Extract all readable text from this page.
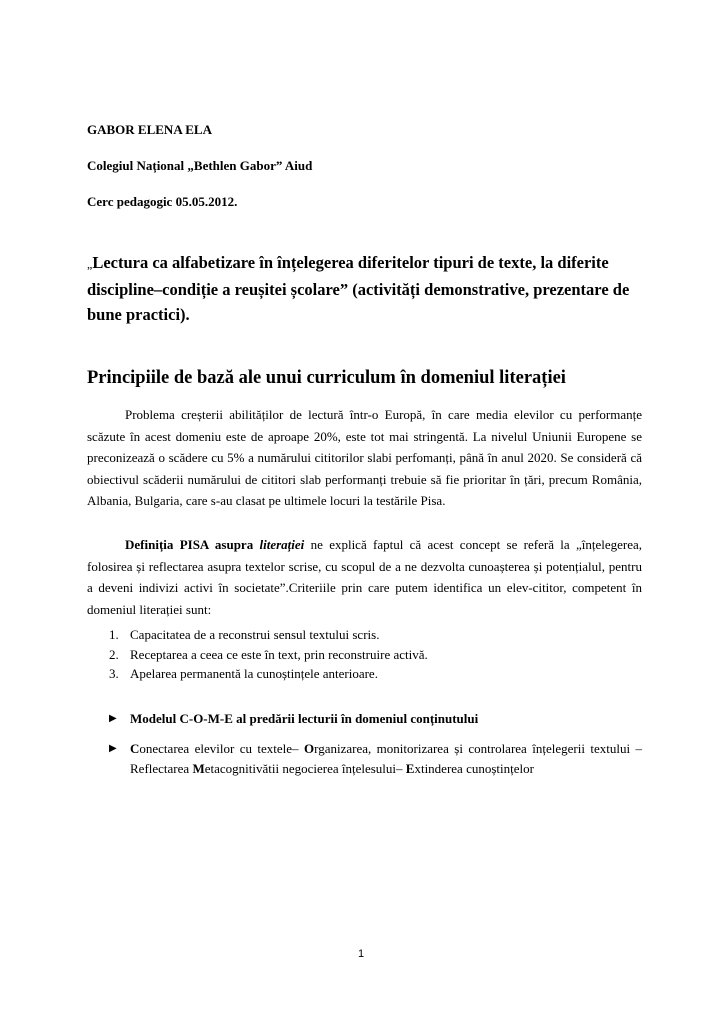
GABOR ELENA ELA
Colegiul Național „Bethlen Gabor” Aiud
Cerc pedagogic 05.05.2012.
„Lectura ca alfabetizare în înțelegerea diferitelor tipuri de texte, la diferite discipline–condiție a reușitei școlare” (activități demonstrative, prezentare de bune practici).
Principiile de bază ale unui curriculum în domeniul literației

Problema creșterii abilităților de lectură într-o Europă, în care media elevilor cu performanțe scăzute în acest domeniu este de aproape 20%, este tot mai stringentă. La nivelul Uniunii Europene se preconizează o scădere cu 5% a numărului cititorilor slabi perfomanți, până în anul 2020. Se consideră că obiectivul scăderii numărului de cititori slab performanți trebuie să fie prioritar în țări, precum România, Albania, Bulgaria, care s-au clasat pe ultimele locuri la testările Pisa.

Definiția PISA asupra literației ne explică faptul că acest concept se referă la „înțelegerea, folosirea și reflectarea asupra textelor scrise, cu scopul de a ne dezvolta cunoașterea și potențialul, pentru a deveni indivizi activi în societate”.Criteriile prin care putem identifica un elev-cititor, competent în domeniul literației sunt:

1. Capacitatea de a reconstrui sensul textului scris.
2. Receptarea a ceea ce este în text, prin reconstruire activă.
3. Apelarea permanentă la cunoștințele anterioare.
▶ Modelul C-O-M-E al predării lecturii în domeniul conținutului
▶ Conectarea elevilor cu textele– Organizarea, monitorizarea și controlarea înțelegerii textului – Reflectarea Metacognitivătii negocierea înțelesului– Extinderea cunoștințelor
1
